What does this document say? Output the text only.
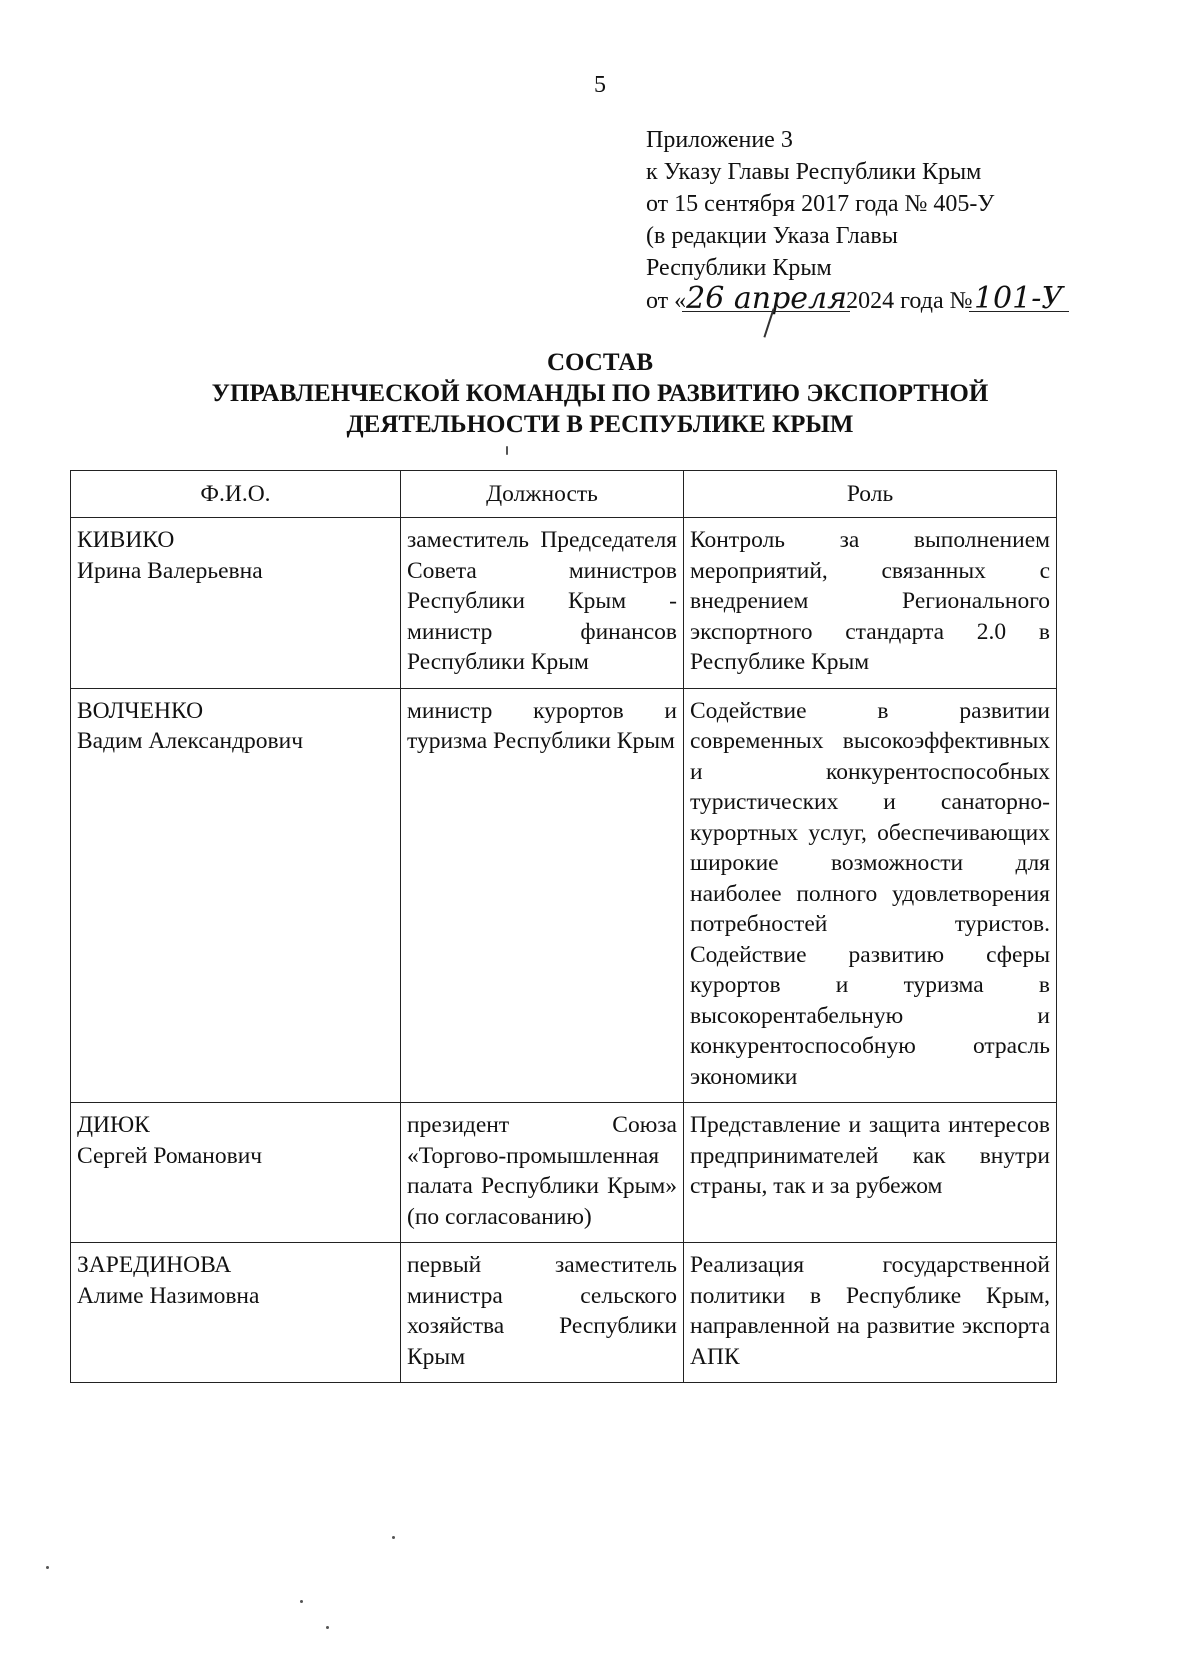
5
Приложение 3
к Указу Главы Республики Крым
от 15 сентября 2017 года № 405-У
(в редакции Указа Главы
Республики Крым
от «26 апреля2024 года №101-У
СОСТАВ
УПРАВЛЕНЧЕСКОЙ КОМАНДЫ ПО РАЗВИТИЮ ЭКСПОРТНОЙ
ДЕЯТЕЛЬНОСТИ В РЕСПУБЛИКЕ КРЫМ
Ф.И.О.	Должность	Роль

КИВИКО
Ирина Валерьевна	заместитель Председателя Совета министров Республики Крым - министр финансов Республики Крым	Контроль за выполнением мероприятий, связанных с внедрением Регионального экспортного стандарта 2.0 в Республике Крым

ВОЛЧЕНКО
Вадим Александрович	министр курортов и туризма Республики Крым	Содействие в развитии современных высокоэффективных и конкурентоспособных туристических и санаторно-курортных услуг, обеспечивающих широкие возможности для наиболее полного удовлетворения потребностей туристов. Содействие развитию сферы курортов и туризма в высокорентабельную и конкурентоспособную отрасль экономики

ДИЮК
Сергей Романович	президент Союза «Торгово-промышленная палата Республики Крым» (по согласованию)	Представление и защита интересов предпринимателей как внутри страны, так и за рубежом

ЗАРЕДИНОВА
Алиме Назимовна	первый заместитель министра сельского хозяйства Республики Крым	Реализация государственной политики в Республике Крым, направленной на развитие экспорта АПК
